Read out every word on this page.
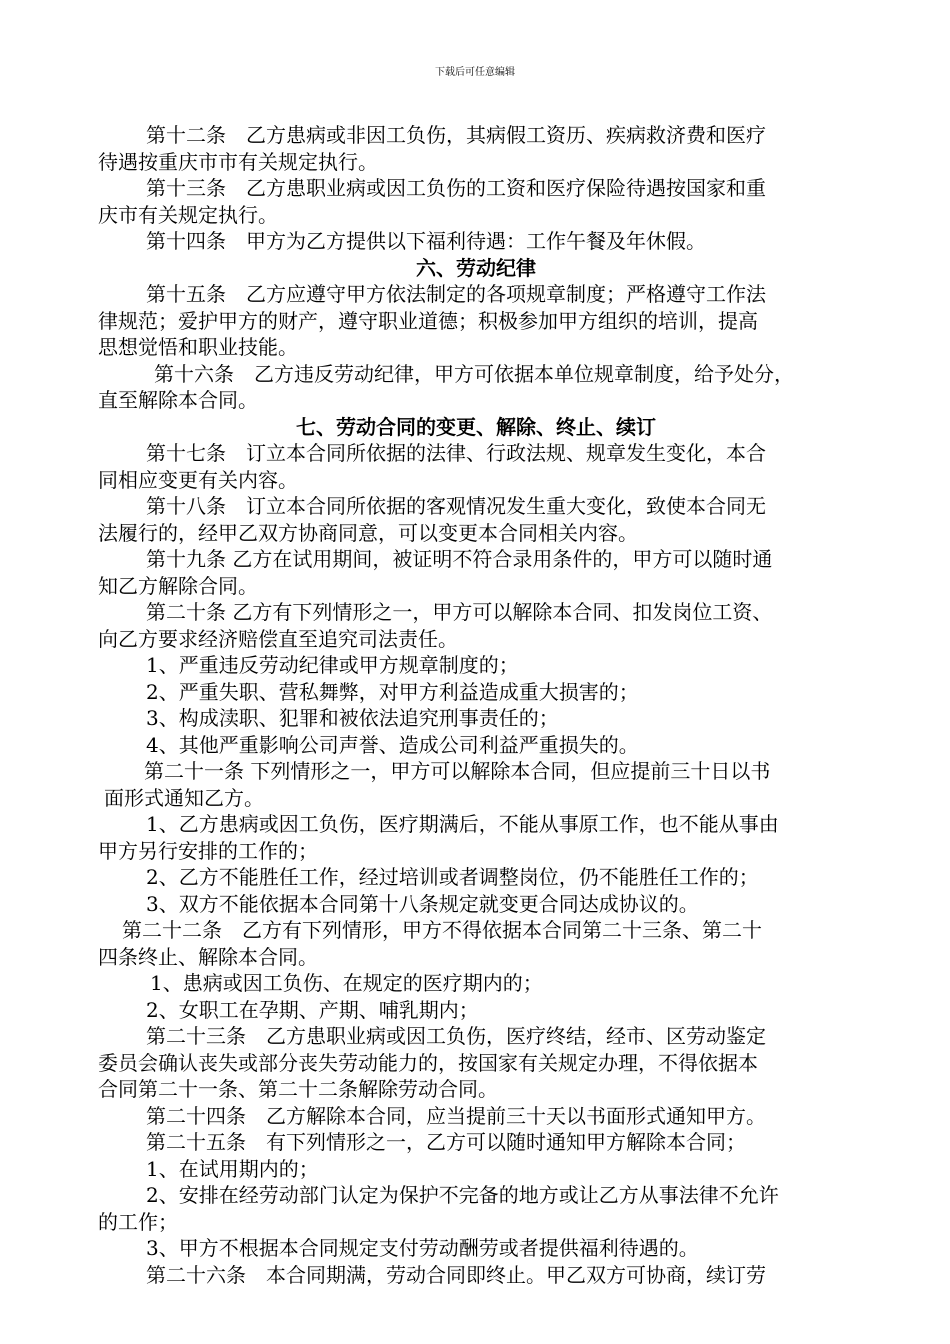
下载后可任意编辑
第十二条　乙方患病或非因工负伤，其病假工资历、疾病救济费和医疗
待遇按重庆市市有关规定执行。
第十三条　乙方患职业病或因工负伤的工资和医疗保险待遇按国家和重
庆市有关规定执行。
第十四条　甲方为乙方提供以下福利待遇：工作午餐及年休假。
六、劳动纪律
第十五条　乙方应遵守甲方依法制定的各项规章制度；严格遵守工作法
律规范；爱护甲方的财产，遵守职业道德；积极参加甲方组织的培训，提高
思想觉悟和职业技能。
第十六条　乙方违反劳动纪律，甲方可依据本单位规章制度，给予处分，
直至解除本合同。
七、劳动合同的变更、解除、终止、续订
第十七条　订立本合同所依据的法律、行政法规、规章发生变化，本合
同相应变更有关内容。
第十八条　订立本合同所依据的客观情况发生重大变化，致使本合同无
法履行的，经甲乙双方协商同意，可以变更本合同相关内容。
第十九条 乙方在试用期间，被证明不符合录用条件的，甲方可以随时通
知乙方解除合同。
第二十条 乙方有下列情形之一，甲方可以解除本合同、扣发岗位工资、
向乙方要求经济赔偿直至追究司法责任。
1、严重违反劳动纪律或甲方规章制度的；
2、严重失职、营私舞弊，对甲方利益造成重大损害的；
3、构成渎职、犯罪和被依法追究刑事责任的；
4、其他严重影响公司声誉、造成公司利益严重损失的。
第二十一条 下列情形之一，甲方可以解除本合同，但应提前三十日以书
面形式通知乙方。
1、乙方患病或因工负伤，医疗期满后，不能从事原工作，也不能从事由
甲方另行安排的工作的；
2、乙方不能胜任工作，经过培训或者调整岗位，仍不能胜任工作的；
3、双方不能依据本合同第十八条规定就变更合同达成协议的。
第二十二条　乙方有下列情形，甲方不得依据本合同第二十三条、第二十
四条终止、解除本合同。
1、患病或因工负伤、在规定的医疗期内的；
2、女职工在孕期、产期、哺乳期内；
第二十三条　乙方患职业病或因工负伤，医疗终结，经市、区劳动鉴定
委员会确认丧失或部分丧失劳动能力的，按国家有关规定办理，不得依据本
合同第二十一条、第二十二条解除劳动合同。
第二十四条　乙方解除本合同，应当提前三十天以书面形式通知甲方。
第二十五条　有下列情形之一，乙方可以随时通知甲方解除本合同；
1、在试用期内的；
2、安排在经劳动部门认定为保护不完备的地方或让乙方从事法律不允许
的工作；
3、甲方不根据本合同规定支付劳动酬劳或者提供福利待遇的。
第二十六条　本合同期满，劳动合同即终止。甲乙双方可协商，续订劳
